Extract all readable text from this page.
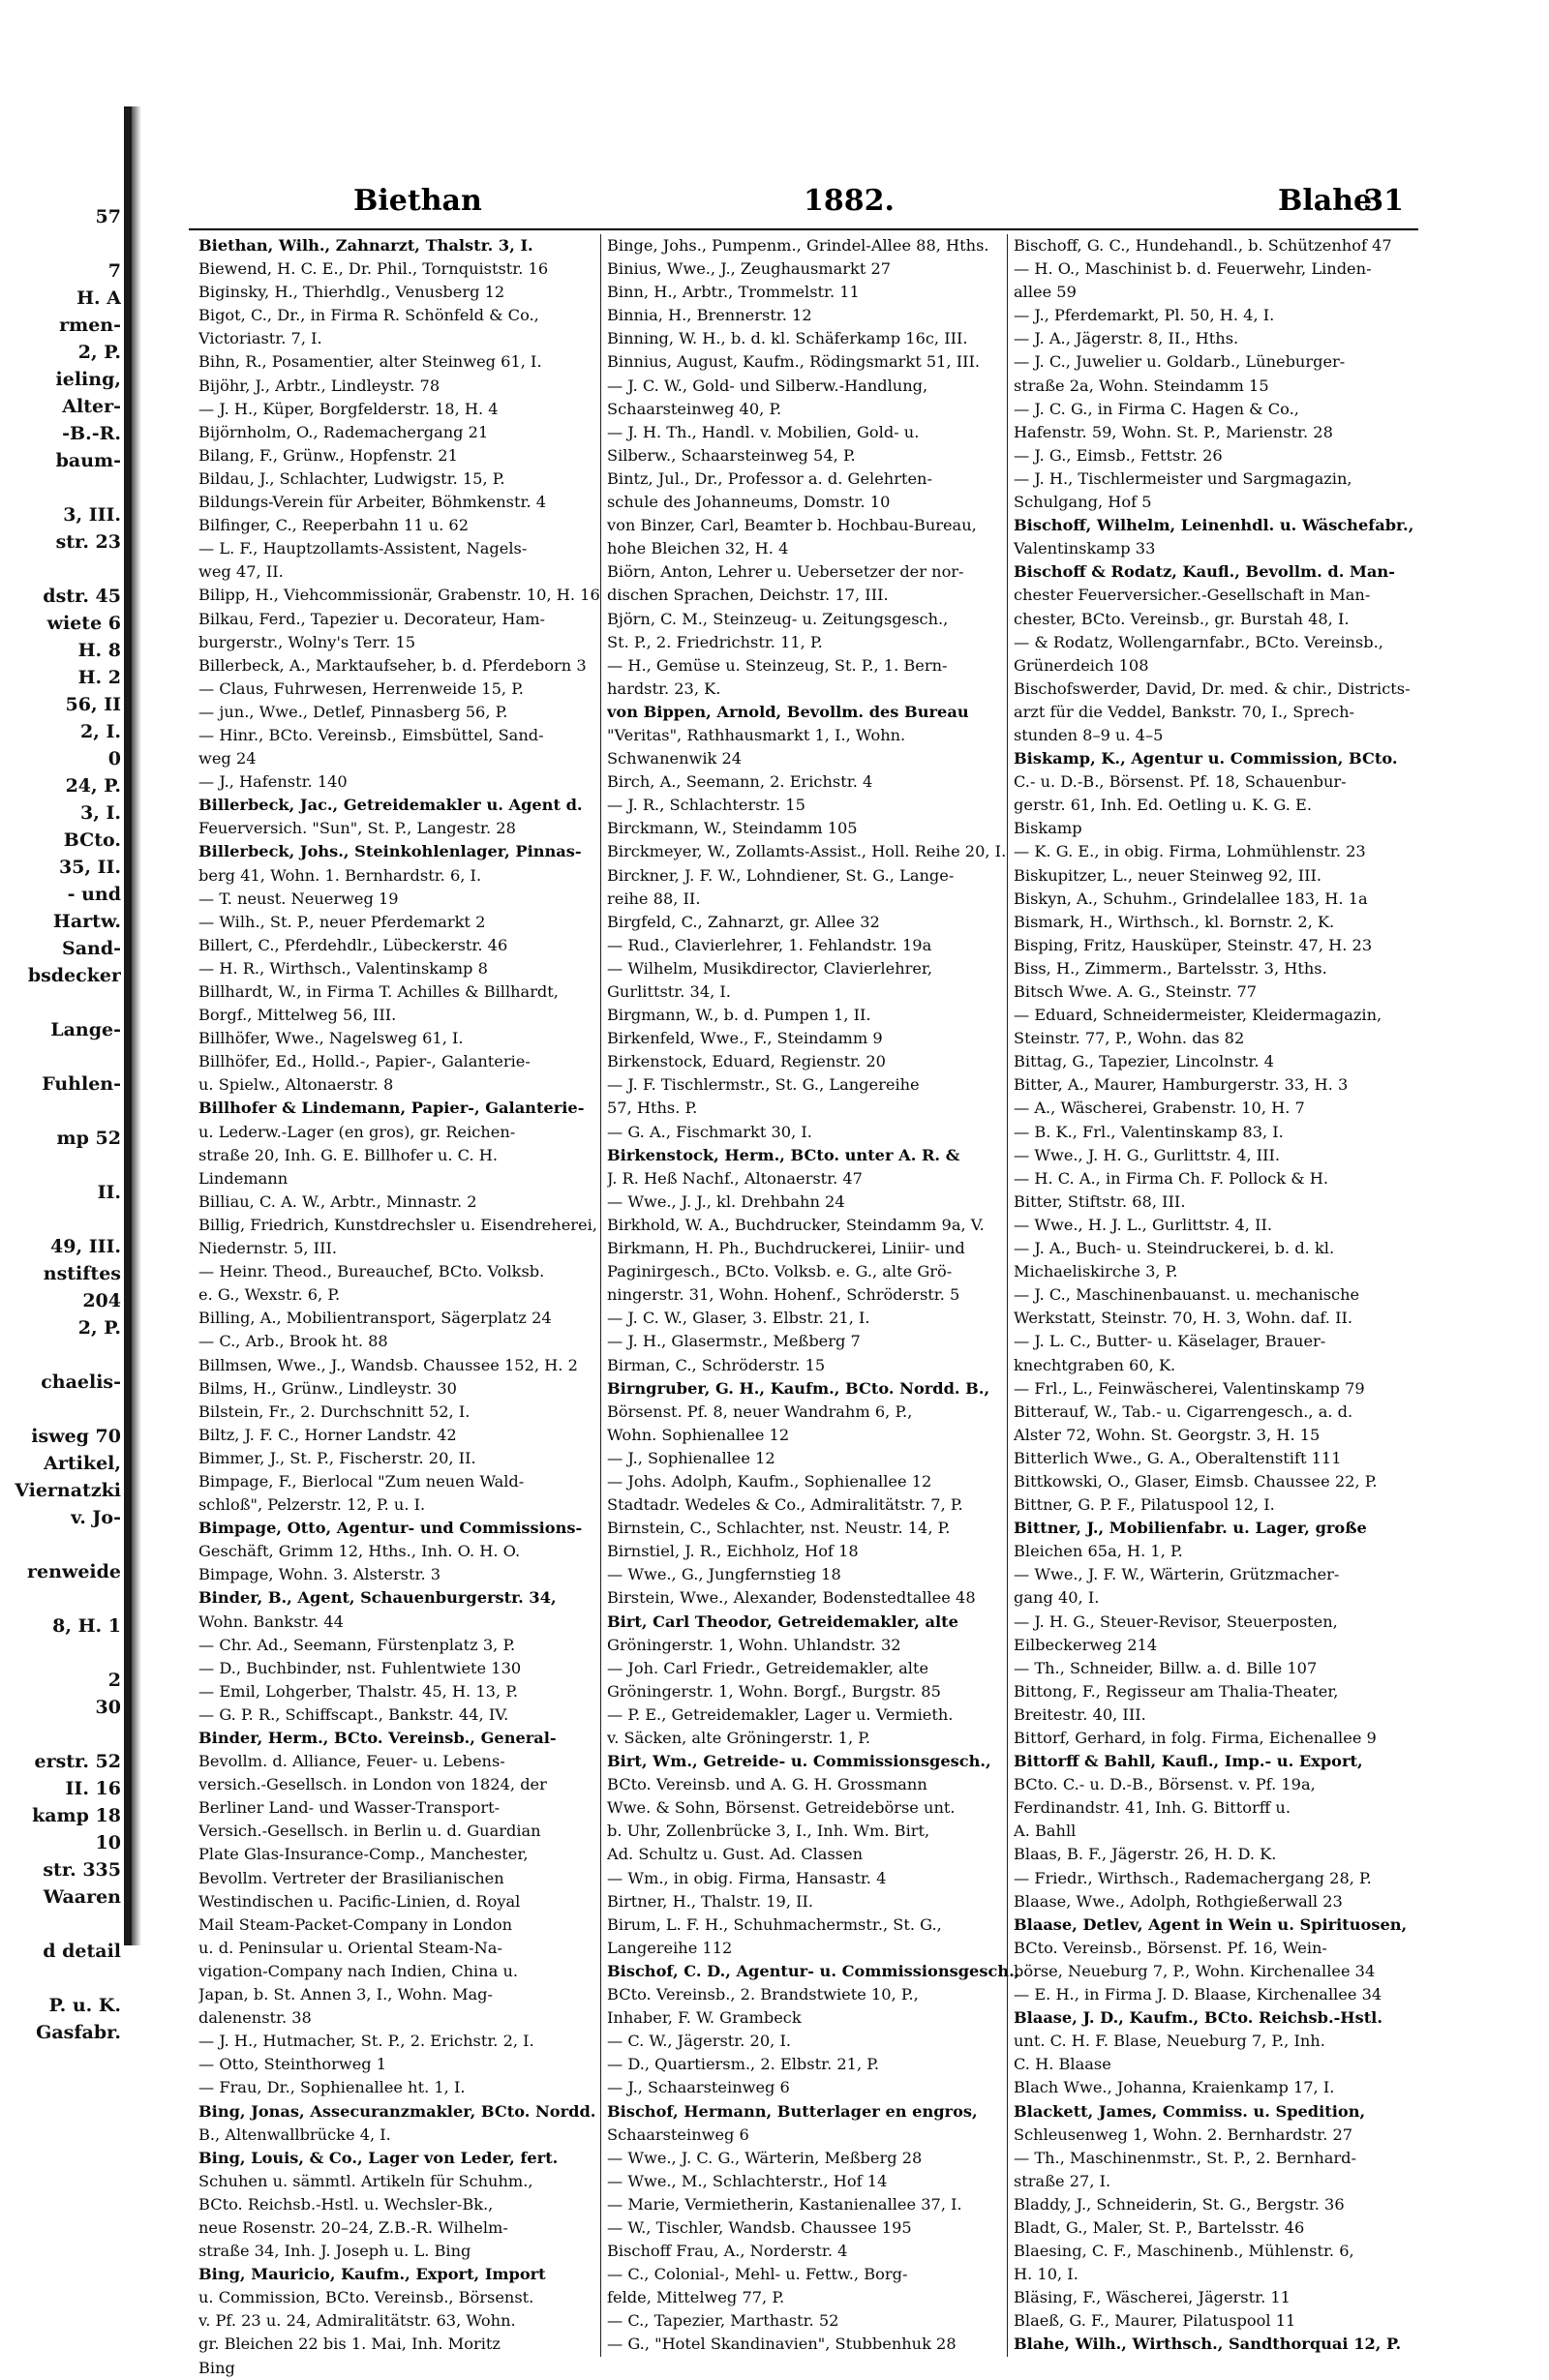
57

7
H. A
rmen-
2, P.
ieling,
Alter-
-B.-R.
baum-

3, III.
str. 23

dstr. 45
wiete 6
H. 8
H. 2
56, II
2, I.
0
24, P.
3, I.
BCto.
35, II.
- und
Hartw.
Sand-
bsdecker

Lange-

Fuhlen-

mp 52

II.

49, III.
nstiftes
204
2, P.

chaelis-

isweg 70
Artikel,
Viernatzki
v. Jo-

renweide

8, H. 1

2
30

erstr. 52
II. 16
kamp 18
10
str. 335
Waaren

d detail

P. u. K.
Gasfabr.
Biethan	1882.	Blahe
31
Biethan, Wilh., Zahnarzt, Thalstr. 3, I.
Biewend, H. C. E., Dr. Phil., Tornquiststr. 16
Biginsky, H., Thierhdlg., Venusberg 12
Bigot, C., Dr., in Firma R. Schönfeld & Co.,
Victoriastr. 7, I.
Bihn, R., Posamentier, alter Steinweg 61, I.
Bijöhr, J., Arbtr., Lindleystr. 78
— J. H., Küper, Borgfelderstr. 18, H. 4
Bijörnholm, O., Rademachergang 21
Bilang, F., Grünw., Hopfenstr. 21
Bildau, J., Schlachter, Ludwigstr. 15, P.
Bildungs-Verein für Arbeiter, Böhmkenstr. 4
Bilfinger, C., Reeperbahn 11 u. 62
— L. F., Hauptzollamts-Assistent, Nagels-
weg 47, II.
Bilipp, H., Viehcommissionär, Grabenstr. 10, H. 16
Bilkau, Ferd., Tapezier u. Decorateur, Ham-
burgerstr., Wolny's Terr. 15
Billerbeck, A., Marktaufseher, b. d. Pferdeborn 3
— Claus, Fuhrwesen, Herrenweide 15, P.
— jun., Wwe., Detlef, Pinnasberg 56, P.
— Hinr., BCto. Vereinsb., Eimsbüttel, Sand-
weg 24
— J., Hafenstr. 140
Billerbeck, Jac., Getreidemakler u. Agent d.
Feuerversich. "Sun", St. P., Langestr. 28
Billerbeck, Johs., Steinkohlenlager, Pinnas-
berg 41, Wohn. 1. Bernhardstr. 6, I.
— T. neust. Neuerweg 19
— Wilh., St. P., neuer Pferdemarkt 2
Billert, C., Pferdehdlr., Lübeckerstr. 46
— H. R., Wirthsch., Valentinskamp 8
Billhardt, W., in Firma T. Achilles & Billhardt,
Borgf., Mittelweg 56, III.
Billhöfer, Wwe., Nagelsweg 61, I.
Billhöfer, Ed., Holld.-, Papier-, Galanterie-
u. Spielw., Altonaerstr. 8
Billhofer & Lindemann, Papier-, Galanterie-
u. Lederw.-Lager (en gros), gr. Reichen-
straße 20, Inh. G. E. Billhofer u. C. H.
Lindemann
Billiau, C. A. W., Arbtr., Minnastr. 2
Billig, Friedrich, Kunstdrechsler u. Eisendreherei,
Niedernstr. 5, III.
— Heinr. Theod., Bureauchef, BCto. Volksb.
e. G., Wexstr. 6, P.
Billing, A., Mobilientransport, Sägerplatz 24
— C., Arb., Brook ht. 88
Billmsen, Wwe., J., Wandsb. Chaussee 152, H. 2
Bilms, H., Grünw., Lindleystr. 30
Bilstein, Fr., 2. Durchschnitt 52, I.
Biltz, J. F. C., Horner Landstr. 42
Bimmer, J., St. P., Fischerstr. 20, II.
Bimpage, F., Bierlocal "Zum neuen Wald-
schloß", Pelzerstr. 12, P. u. I.
Bimpage, Otto, Agentur- und Commissions-
Geschäft, Grimm 12, Hths., Inh. O. H. O.
Bimpage, Wohn. 3. Alsterstr. 3
Binder, B., Agent, Schauenburgerstr. 34,
Wohn. Bankstr. 44
— Chr. Ad., Seemann, Fürstenplatz 3, P.
— D., Buchbinder, nst. Fuhlentwiete 130
— Emil, Lohgerber, Thalstr. 45, H. 13, P.
— G. P. R., Schiffscapt., Bankstr. 44, IV.
Binder, Herm., BCto. Vereinsb., General-
Bevollm. d. Alliance, Feuer- u. Lebens-
versich.-Gesellsch. in London von 1824, der
Berliner Land- und Wasser-Transport-
Versich.-Gesellsch. in Berlin u. d. Guardian
Plate Glas-Insurance-Comp., Manchester,
Bevollm. Vertreter der Brasilianischen
Westindischen u. Pacific-Linien, d. Royal
Mail Steam-Packet-Company in London
u. d. Peninsular u. Oriental Steam-Na-
vigation-Company nach Indien, China u.
Japan, b. St. Annen 3, I., Wohn. Mag-
dalenenstr. 38
— J. H., Hutmacher, St. P., 2. Erichstr. 2, I.
— Otto, Steinthorweg 1
— Frau, Dr., Sophienallee ht. 1, I.
Bing, Jonas, Assecuranzmakler, BCto. Nordd.
B., Altenwallbrücke 4, I.
Bing, Louis, & Co., Lager von Leder, fert.
Schuhen u. sämmtl. Artikeln für Schuhm.,
BCto. Reichsb.-Hstl. u. Wechsler-Bk.,
neue Rosenstr. 20–24, Z.B.-R. Wilhelm-
straße 34, Inh. J. Joseph u. L. Bing
Bing, Mauricio, Kaufm., Export, Import
u. Commission, BCto. Vereinsb., Börsenst.
v. Pf. 23 u. 24, Admiralitätstr. 63, Wohn.
gr. Bleichen 22 bis 1. Mai, Inh. Moritz
Bing
Binge, Johs., Pumpenm., Grindel-Allee 88, Hths.
Binius, Wwe., J., Zeughausmarkt 27
Binn, H., Arbtr., Trommelstr. 11
Binnia, H., Brennerstr. 12
Binning, W. H., b. d. kl. Schäferkamp 16c, III.
Binnius, August, Kaufm., Rödingsmarkt 51, III.
— J. C. W., Gold- und Silberw.-Handlung,
Schaarsteinweg 40, P.
— J. H. Th., Handl. v. Mobilien, Gold- u.
Silberw., Schaarsteinweg 54, P.
Bintz, Jul., Dr., Professor a. d. Gelehrten-
schule des Johanneums, Domstr. 10
von Binzer, Carl, Beamter b. Hochbau-Bureau,
hohe Bleichen 32, H. 4
Biörn, Anton, Lehrer u. Uebersetzer der nor-
dischen Sprachen, Deichstr. 17, III.
Björn, C. M., Steinzeug- u. Zeitungsgesch.,
St. P., 2. Friedrichstr. 11, P.
— H., Gemüse u. Steinzeug, St. P., 1. Bern-
hardstr. 23, K.
von Bippen, Arnold, Bevollm. des Bureau
"Veritas", Rathhausmarkt 1, I., Wohn.
Schwanenwik 24
Birch, A., Seemann, 2. Erichstr. 4
— J. R., Schlachterstr. 15
Birckmann, W., Steindamm 105
Birckmeyer, W., Zollamts-Assist., Holl. Reihe 20, I.
Birckner, J. F. W., Lohndiener, St. G., Lange-
reihe 88, II.
Birgfeld, C., Zahnarzt, gr. Allee 32
— Rud., Clavierlehrer, 1. Fehlandstr. 19a
— Wilhelm, Musikdirector, Clavierlehrer,
Gurlittstr. 34, I.
Birgmann, W., b. d. Pumpen 1, II.
Birkenfeld, Wwe., F., Steindamm 9
Birkenstock, Eduard, Regienstr. 20
— J. F. Tischlermstr., St. G., Langereihe
57, Hths. P.
— G. A., Fischmarkt 30, I.
Birkenstock, Herm., BCto. unter A. R. &
J. R. Heß Nachf., Altonaerstr. 47
— Wwe., J. J., kl. Drehbahn 24
Birkhold, W. A., Buchdrucker, Steindamm 9a, V.
Birkmann, H. Ph., Buchdruckerei, Liniir- und
Paginirgesch., BCto. Volksb. e. G., alte Grö-
ningerstr. 31, Wohn. Hohenf., Schröderstr. 5
— J. C. W., Glaser, 3. Elbstr. 21, I.
— J. H., Glasermstr., Meßberg 7
Birman, C., Schröderstr. 15
Birngruber, G. H., Kaufm., BCto. Nordd. B.,
Börsenst. Pf. 8, neuer Wandrahm 6, P.,
Wohn. Sophienallee 12
— J., Sophienallee 12
— Johs. Adolph, Kaufm., Sophienallee 12
Stadtadr. Wedeles & Co., Admiralitätstr. 7, P.
Birnstein, C., Schlachter, nst. Neustr. 14, P.
Birnstiel, J. R., Eichholz, Hof 18
— Wwe., G., Jungfernstieg 18
Birstein, Wwe., Alexander, Bodenstedtallee 48
Birt, Carl Theodor, Getreidemakler, alte
Gröningerstr. 1, Wohn. Uhlandstr. 32
— Joh. Carl Friedr., Getreidemakler, alte
Gröningerstr. 1, Wohn. Borgf., Burgstr. 85
— P. E., Getreidemakler, Lager u. Vermieth.
v. Säcken, alte Gröningerstr. 1, P.
Birt, Wm., Getreide- u. Commissionsgesch.,
BCto. Vereinsb. und A. G. H. Grossmann
Wwe. & Sohn, Börsenst. Getreidebörse unt.
b. Uhr, Zollenbrücke 3, I., Inh. Wm. Birt,
Ad. Schultz u. Gust. Ad. Classen
— Wm., in obig. Firma, Hansastr. 4
Birtner, H., Thalstr. 19, II.
Birum, L. F. H., Schuhmachermstr., St. G.,
Langereihe 112
Bischof, C. D., Agentur- u. Commissionsgesch.,
BCto. Vereinsb., 2. Brandstwiete 10, P.,
Inhaber, F. W. Grambeck
— C. W., Jägerstr. 20, I.
— D., Quartiersm., 2. Elbstr. 21, P.
— J., Schaarsteinweg 6
Bischof, Hermann, Butterlager en engros,
Schaarsteinweg 6
— Wwe., J. C. G., Wärterin, Meßberg 28
— Wwe., M., Schlachterstr., Hof 14
— Marie, Vermietherin, Kastanienallee 37, I.
— W., Tischler, Wandsb. Chaussee 195
Bischoff Frau, A., Norderstr. 4
— C., Colonial-, Mehl- u. Fettw., Borg-
felde, Mittelweg 77, P.
— C., Tapezier, Marthastr. 52
— G., "Hotel Skandinavien", Stubbenhuk 28
Bischoff, G. C., Hundehandl., b. Schützenhof 47
— H. O., Maschinist b. d. Feuerwehr, Linden-
allee 59
— J., Pferdemarkt, Pl. 50, H. 4, I.
— J. A., Jägerstr. 8, II., Hths.
— J. C., Juwelier u. Goldarb., Lüneburger-
straße 2a, Wohn. Steindamm 15
— J. C. G., in Firma C. Hagen & Co.,
Hafenstr. 59, Wohn. St. P., Marienstr. 28
— J. G., Eimsb., Fettstr. 26
— J. H., Tischlermeister und Sargmagazin,
Schulgang, Hof 5
Bischoff, Wilhelm, Leinenhdl. u. Wäschefabr.,
Valentinskamp 33
Bischoff & Rodatz, Kaufl., Bevollm. d. Man-
chester Feuerversicher.-Gesellschaft in Man-
chester, BCto. Vereinsb., gr. Burstah 48, I.
— & Rodatz, Wollengarnfabr., BCto. Vereinsb.,
Grünerdeich 108
Bischofswerder, David, Dr. med. & chir., Districts-
arzt für die Veddel, Bankstr. 70, I., Sprech-
stunden 8–9 u. 4–5
Biskamp, K., Agentur u. Commission, BCto.
C.- u. D.-B., Börsenst. Pf. 18, Schauenbur-
gerstr. 61, Inh. Ed. Oetling u. K. G. E.
Biskamp
— K. G. E., in obig. Firma, Lohmühlenstr. 23
Biskupitzer, L., neuer Steinweg 92, III.
Biskyn, A., Schuhm., Grindelallee 183, H. 1a
Bismark, H., Wirthsch., kl. Bornstr. 2, K.
Bisping, Fritz, Hausküper, Steinstr. 47, H. 23
Biss, H., Zimmerm., Bartelsstr. 3, Hths.
Bitsch Wwe. A. G., Steinstr. 77
— Eduard, Schneidermeister, Kleidermagazin,
Steinstr. 77, P., Wohn. das 82
Bittag, G., Tapezier, Lincolnstr. 4
Bitter, A., Maurer, Hamburgerstr. 33, H. 3
— A., Wäscherei, Grabenstr. 10, H. 7
— B. K., Frl., Valentinskamp 83, I.
— Wwe., J. H. G., Gurlittstr. 4, III.
— H. C. A., in Firma Ch. F. Pollock & H.
Bitter, Stiftstr. 68, III.
— Wwe., H. J. L., Gurlittstr. 4, II.
— J. A., Buch- u. Steindruckerei, b. d. kl.
Michaeliskirche 3, P.
— J. C., Maschinenbauanst. u. mechanische
Werkstatt, Steinstr. 70, H. 3, Wohn. daf. II.
— J. L. C., Butter- u. Käselager, Brauer-
knechtgraben 60, K.
— Frl., L., Feinwäscherei, Valentinskamp 79
Bitterauf, W., Tab.- u. Cigarrengesch., a. d.
Alster 72, Wohn. St. Georgstr. 3, H. 15
Bitterlich Wwe., G. A., Oberaltenstift 111
Bittkowski, O., Glaser, Eimsb. Chaussee 22, P.
Bittner, G. P. F., Pilatuspool 12, I.
Bittner, J., Mobilienfabr. u. Lager, große
Bleichen 65a, H. 1, P.
— Wwe., J. F. W., Wärterin, Grützmacher-
gang 40, I.
— J. H. G., Steuer-Revisor, Steuerposten,
Eilbeckerweg 214
— Th., Schneider, Billw. a. d. Bille 107
Bittong, F., Regisseur am Thalia-Theater,
Breitestr. 40, III.
Bittorf, Gerhard, in folg. Firma, Eichenallee 9
Bittorff & Bahll, Kaufl., Imp.- u. Export,
BCto. C.- u. D.-B., Börsenst. v. Pf. 19a,
Ferdinandstr. 41, Inh. G. Bittorff u.
A. Bahll
Blaas, B. F., Jägerstr. 26, H. D. K.
— Friedr., Wirthsch., Rademachergang 28, P.
Blaase, Wwe., Adolph, Rothgießerwall 23
Blaase, Detlev, Agent in Wein u. Spirituosen,
BCto. Vereinsb., Börsenst. Pf. 16, Wein-
börse, Neueburg 7, P., Wohn. Kirchenallee 34
— E. H., in Firma J. D. Blaase, Kirchenallee 34
Blaase, J. D., Kaufm., BCto. Reichsb.-Hstl.
unt. C. H. F. Blase, Neueburg 7, P., Inh.
C. H. Blaase
Blach Wwe., Johanna, Kraienkamp 17, I.
Blackett, James, Commiss. u. Spedition,
Schleusenweg 1, Wohn. 2. Bernhardstr. 27
— Th., Maschinenmstr., St. P., 2. Bernhard-
straße 27, I.
Bladdy, J., Schneiderin, St. G., Bergstr. 36
Bladt, G., Maler, St. P., Bartelsstr. 46
Blaesing, C. F., Maschinenb., Mühlenstr. 6,
H. 10, I.
Bläsing, F., Wäscherei, Jägerstr. 11
Blaeß, G. F., Maurer, Pilatuspool 11
Blahe, Wilh., Wirthsch., Sandthorquai 12, P.
